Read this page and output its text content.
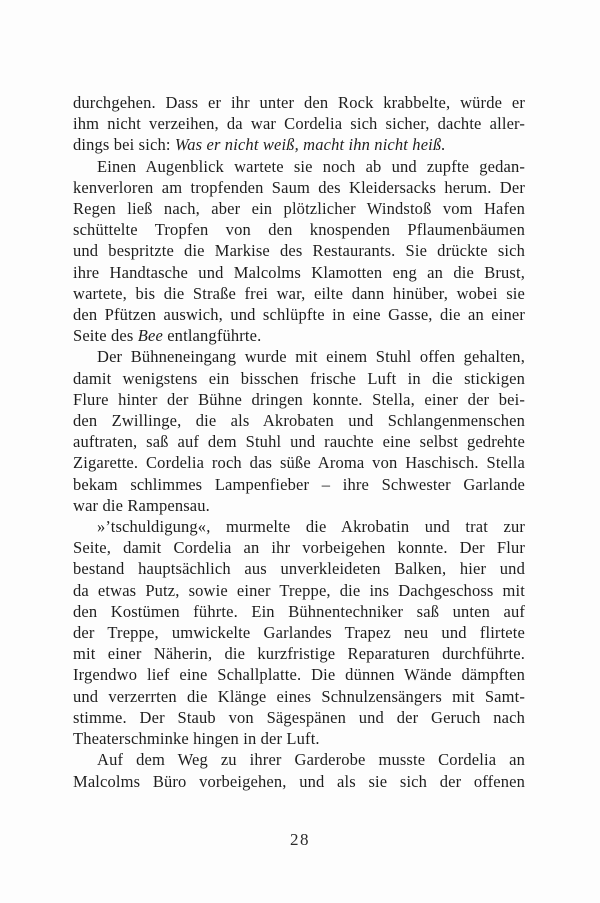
durchgehen. Dass er ihr unter den Rock krabbelte, würde er
ihm nicht verzeihen, da war Cordelia sich sicher, dachte aller-
dings bei sich: Was er nicht weiß, macht ihn nicht heiß.
Einen Augenblick wartete sie noch ab und zupfte gedan-
kenverloren am tropfenden Saum des Kleidersacks herum. Der
Regen ließ nach, aber ein plötzlicher Windstoß vom Hafen
schüttelte Tropfen von den knospenden Pflaumenbäumen
und bespritzte die Markise des Restaurants. Sie drückte sich
ihre Handtasche und Malcolms Klamotten eng an die Brust,
wartete, bis die Straße frei war, eilte dann hinüber, wobei sie
den Pfützen auswich, und schlüpfte in eine Gasse, die an einer
Seite des Bee entlangführte.
Der Bühneneingang wurde mit einem Stuhl offen gehalten,
damit wenigstens ein bisschen frische Luft in die stickigen
Flure hinter der Bühne dringen konnte. Stella, einer der bei-
den Zwillinge, die als Akrobaten und Schlangenmenschen
auftraten, saß auf dem Stuhl und rauchte eine selbst gedrehte
Zigarette. Cordelia roch das süße Aroma von Haschisch. Stella
bekam schlimmes Lampenfieber – ihre Schwester Garlande
war die Rampensau.
»’tschuldigung«, murmelte die Akrobatin und trat zur
Seite, damit Cordelia an ihr vorbeigehen konnte. Der Flur
bestand hauptsächlich aus unverkleideten Balken, hier und
da etwas Putz, sowie einer Treppe, die ins Dachgeschoss mit
den Kostümen führte. Ein Bühnentechniker saß unten auf
der Treppe, umwickelte Garlandes Trapez neu und flirtete
mit einer Näherin, die kurzfristige Reparaturen durchführte.
Irgendwo lief eine Schallplatte. Die dünnen Wände dämpften
und verzerrten die Klänge eines Schnulzensängers mit Samt-
stimme. Der Staub von Sägespänen und der Geruch nach
Theaterschminke hingen in der Luft.
Auf dem Weg zu ihrer Garderobe musste Cordelia an
Malcolms Büro vorbeigehen, und als sie sich der offenen
28
